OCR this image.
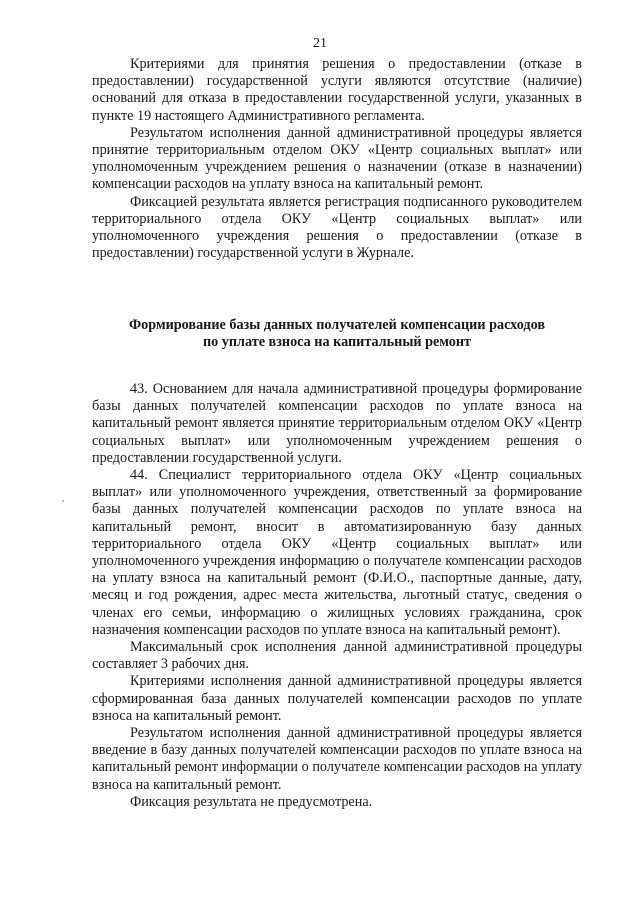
21

Критериями для принятия решения о предоставлении (отказе в предоставлении) государственной услуги являются отсутствие (наличие) оснований для отказа в предоставлении государственной услуги, указанных в пункте 19 настоящего Административного регламента.

Результатом исполнения данной административной процедуры является принятие территориальным отделом ОКУ «Центр социальных выплат» или уполномоченным учреждением решения о назначении (отказе в назначении) компенсации расходов на уплату взноса на капитальный ремонт.

Фиксацией результата является регистрация подписанного руководителем территориального отдела ОКУ «Центр социальных выплат» или уполномоченного учреждения решения о предоставлении (отказе в предоставлении) государственной услуги в Журнале.

Формирование базы данных получателей компенсации расходов
по уплате взноса на капитальный ремонт

43. Основанием для начала административной процедуры формирование базы данных получателей компенсации расходов по уплате взноса на капитальный ремонт является принятие территориальным отделом ОКУ «Центр социальных выплат» или уполномоченным учреждением решения о предоставлении государственной услуги.

44. Специалист территориального отдела ОКУ «Центр социальных выплат» или уполномоченного учреждения, ответственный за формирование базы данных получателей компенсации расходов по уплате взноса на капитальный ремонт, вносит в автоматизированную базу данных территориального отдела ОКУ «Центр социальных выплат» или уполномоченного учреждения информацию о получателе компенсации расходов на уплату взноса на капитальный ремонт (Ф.И.О., паспортные данные, дату, месяц и год рождения, адрес места жительства, льготный статус, сведения о членах его семьи, информацию о жилищных условиях гражданина, срок назначения компенсации расходов по уплате взноса на капитальный ремонт).

Максимальный срок исполнения данной административной процедуры составляет 3 рабочих дня.

Критериями исполнения данной административной процедуры является сформированная база данных получателей компенсации расходов по уплате взноса на капитальный ремонт.

Результатом исполнения данной административной процедуры является введение в базу данных получателей компенсации расходов по уплате взноса на капитальный ремонт информации о получателе компенсации расходов на уплату взноса на капитальный ремонт.

Фиксация результата не предусмотрена.
